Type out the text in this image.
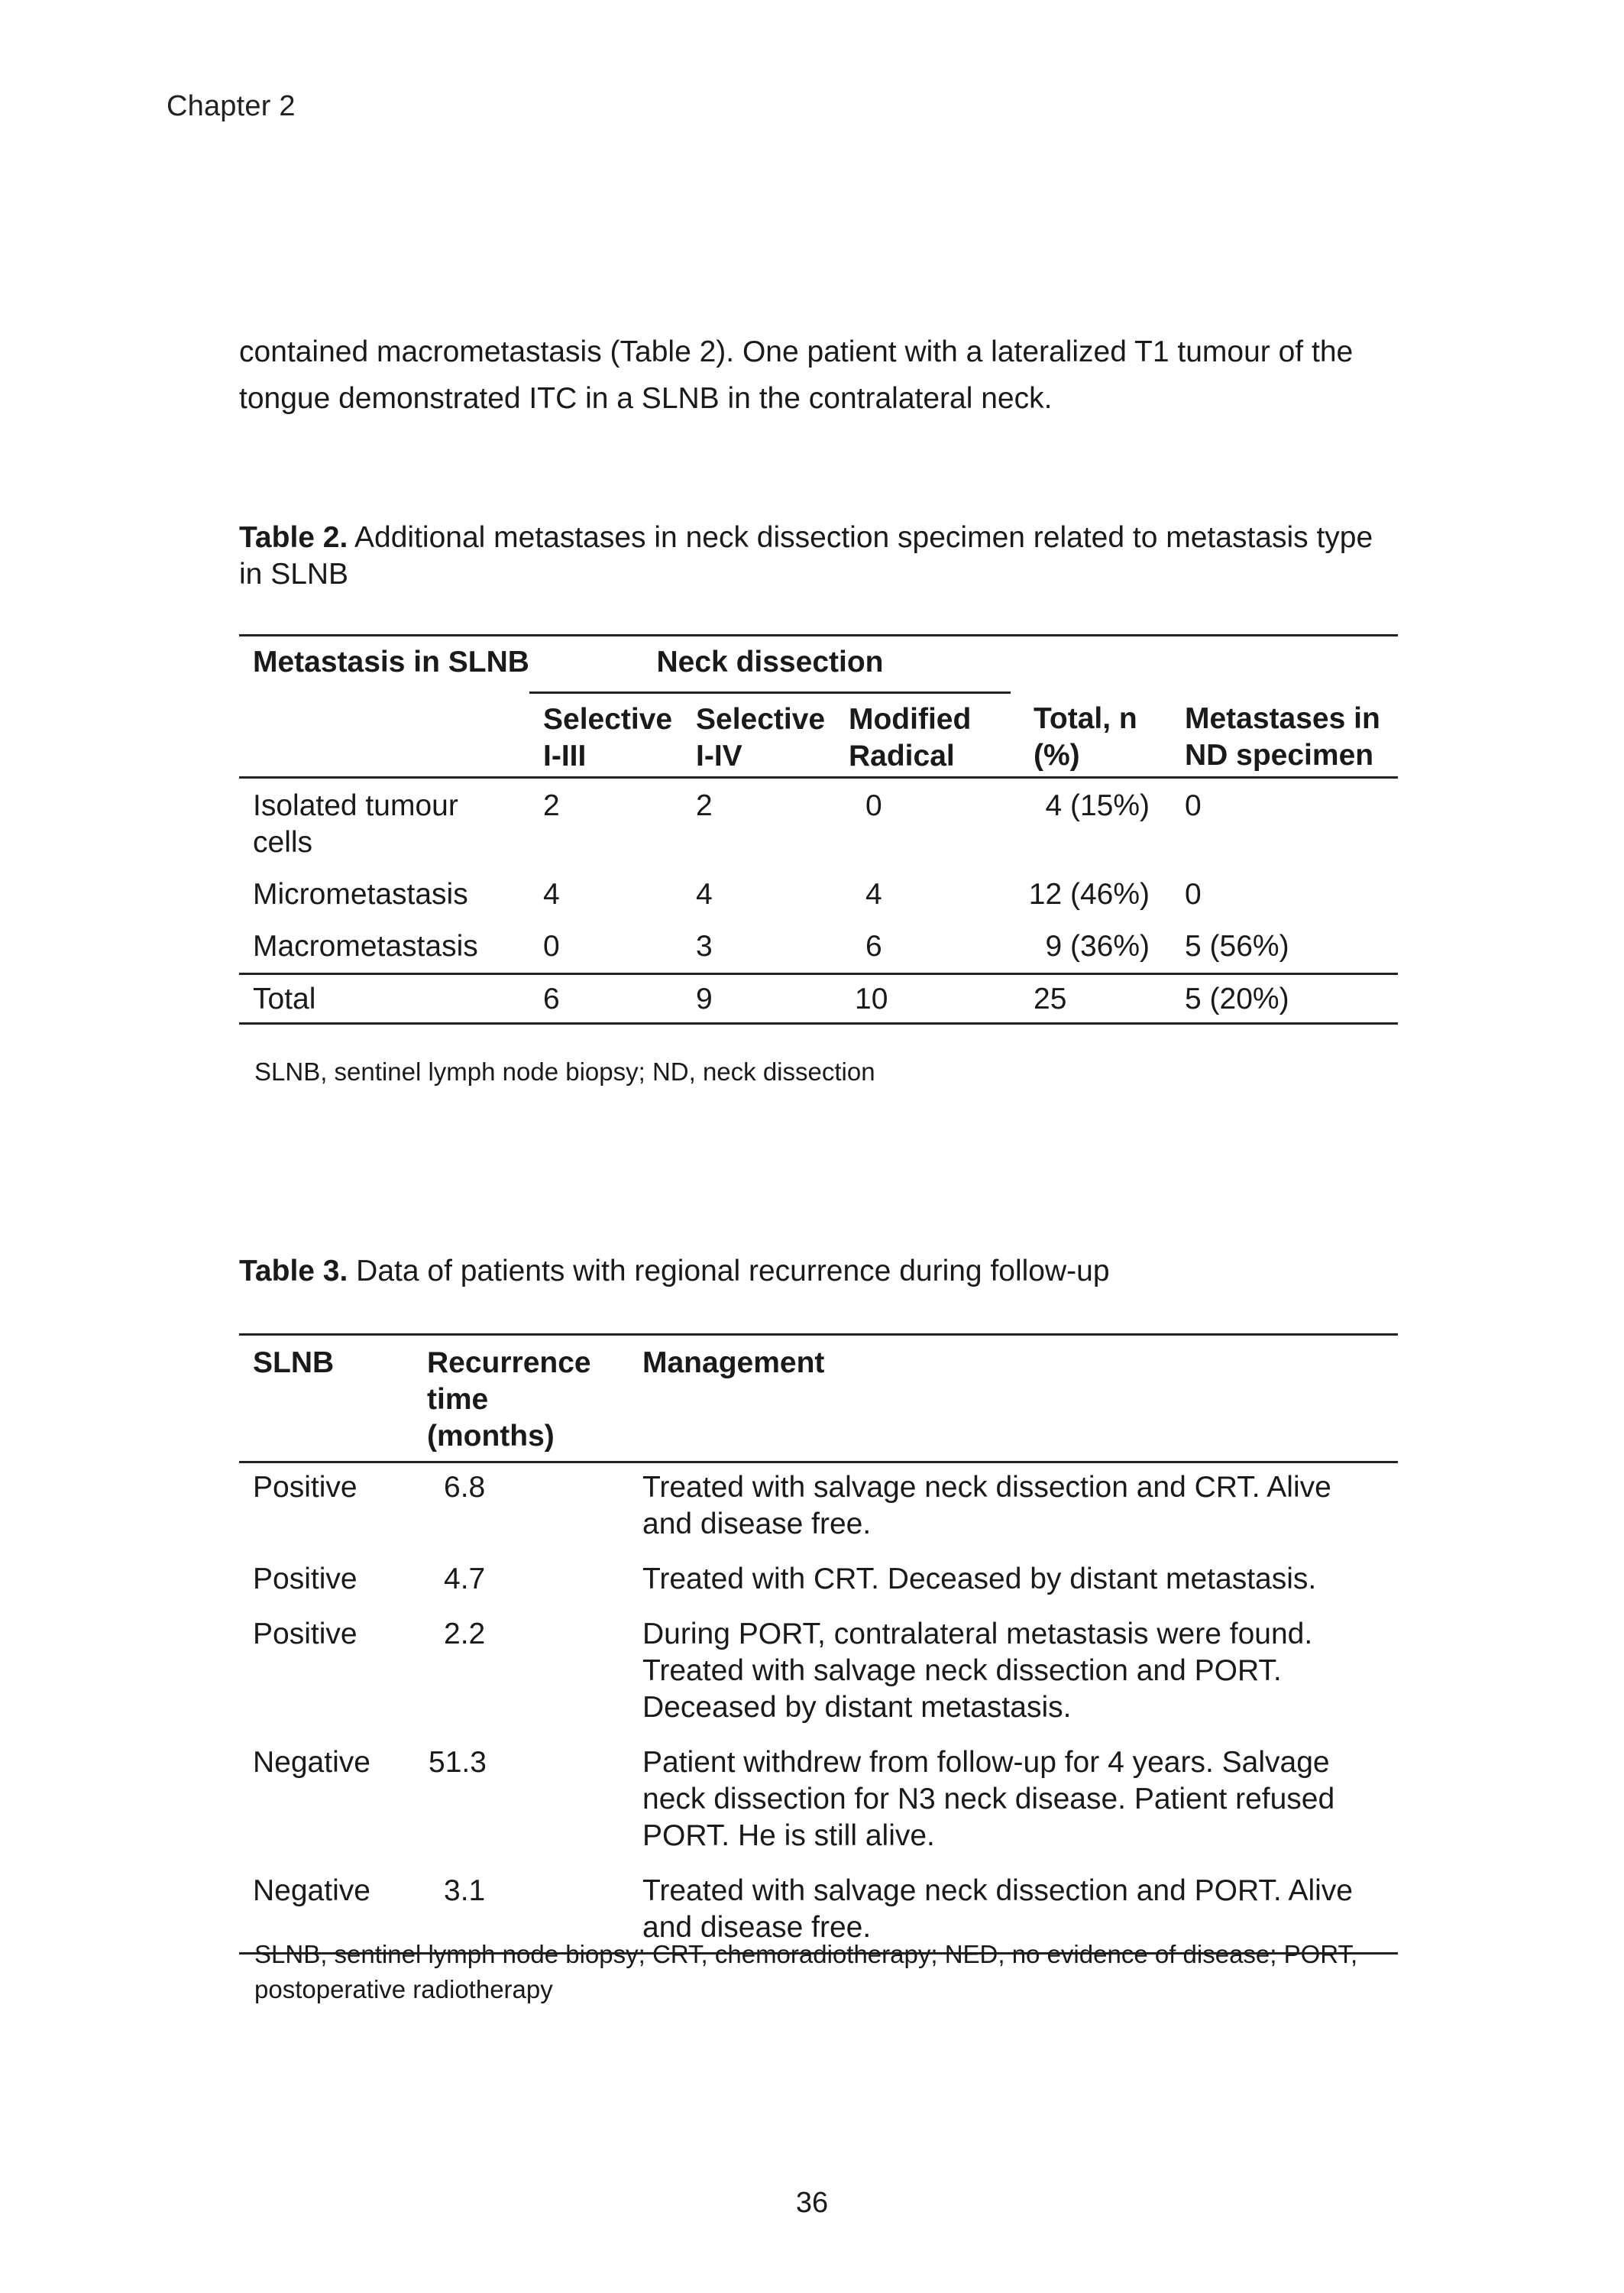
Chapter 2

contained macrometastasis (Table 2). One patient with a lateralized T1 tumour of the tongue demonstrated ITC in a SLNB in the contralateral neck.

Table 2. Additional metastases in neck dissection specimen related to metastasis type in SLNB
Metastasis in SLNB	Neck dissection				
	Selective I-III	Selective I-IV	Modified Radical	Total, n (%)	Metastases in ND specimen
Isolated tumour cells	2	2	0	4 (15%)	0
Micrometastasis	4	4	4	12 (46%)	0
Macrometastasis	0	3	6	9 (36%)	5 (56%)
Total	6	9	10	25	5 (20%)
SLNB, sentinel lymph node biopsy; ND, neck dissection
Table 3. Data of patients with regional recurrence during follow-up
SLNB	Recurrence time (months)	Management
Positive	6.8	Treated with salvage neck dissection and CRT. Alive and disease free.
Positive	4.7	Treated with CRT. Deceased by distant metastasis.
Positive	2.2	During PORT, contralateral metastasis were found. Treated with salvage neck dissection and PORT. Deceased by distant metastasis.
Negative	51.3	Patient withdrew from follow-up for 4 years. Salvage neck dissection for N3 neck disease. Patient refused PORT. He is still alive.
Negative	3.1	Treated with salvage neck dissection and PORT. Alive and disease free.
SLNB, sentinel lymph node biopsy; CRT, chemoradiotherapy; NED, no evidence of disease; PORT, postoperative radiotherapy
36
